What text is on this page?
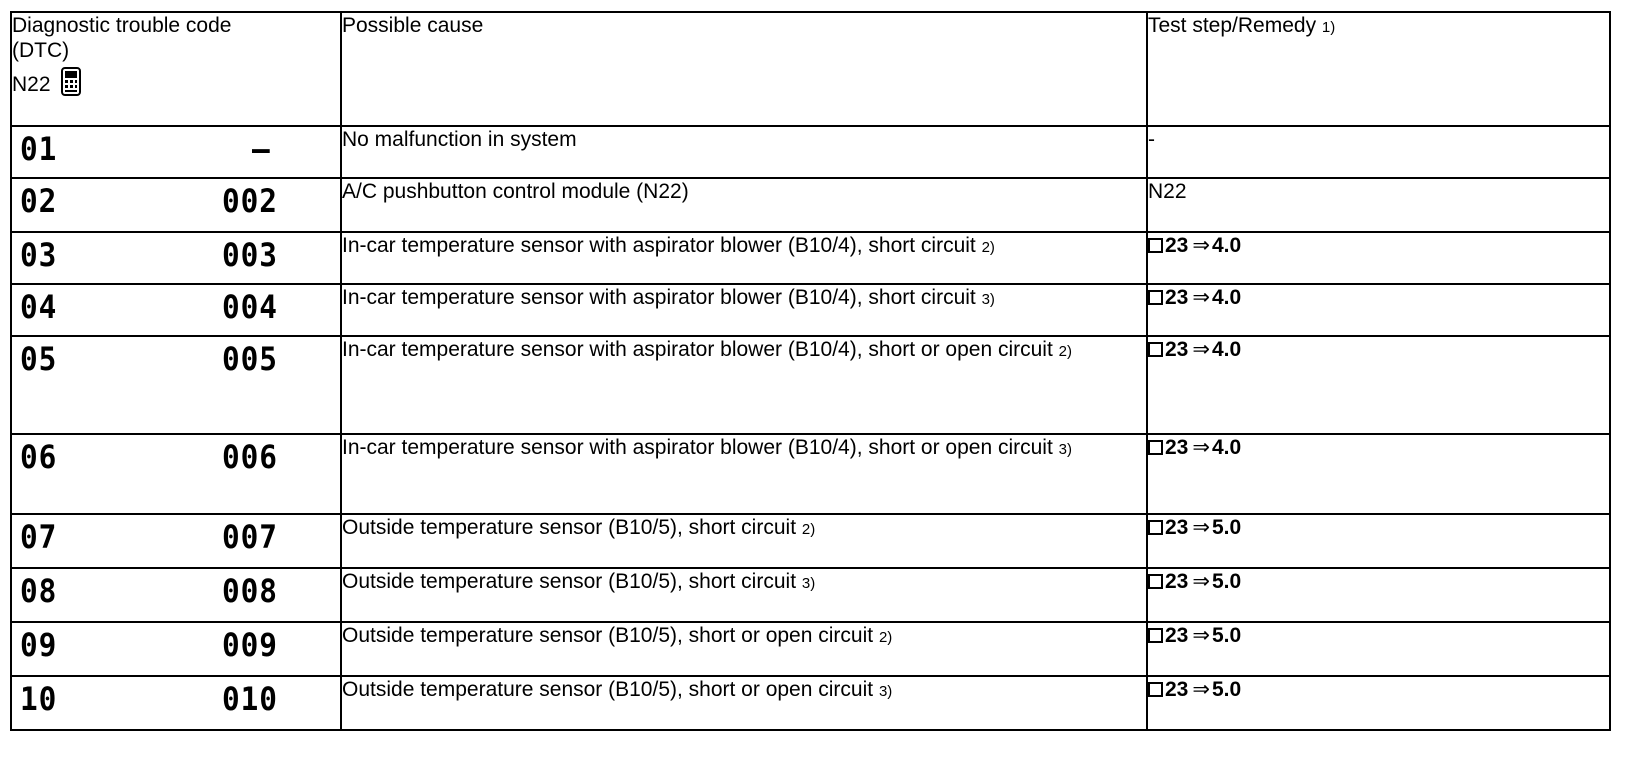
Diagnostic trouble code
(DTC)
N22	Possible cause	Test step/Remedy 1)

01 –	No malfunction in system	-

02 002	A/C pushbutton control module (N22)	N22

03 003	In-car temperature sensor with aspirator blower (B10/4), short circuit 2)	23 ⇒4.0

04 004	In-car temperature sensor with aspirator blower (B10/4), short circuit 3)	23 ⇒4.0

05 005	In-car temperature sensor with aspirator blower (B10/4), short or open circuit 2)	23 ⇒4.0

06 006	In-car temperature sensor with aspirator blower (B10/4), short or open circuit 3)	23 ⇒4.0

07 007	Outside temperature sensor (B10/5), short circuit 2)	23 ⇒5.0

08 008	Outside temperature sensor (B10/5), short circuit 3)	23 ⇒5.0

09 009	Outside temperature sensor (B10/5), short or open circuit 2)	23 ⇒5.0

10 010	Outside temperature sensor (B10/5), short or open circuit 3)	23 ⇒5.0
